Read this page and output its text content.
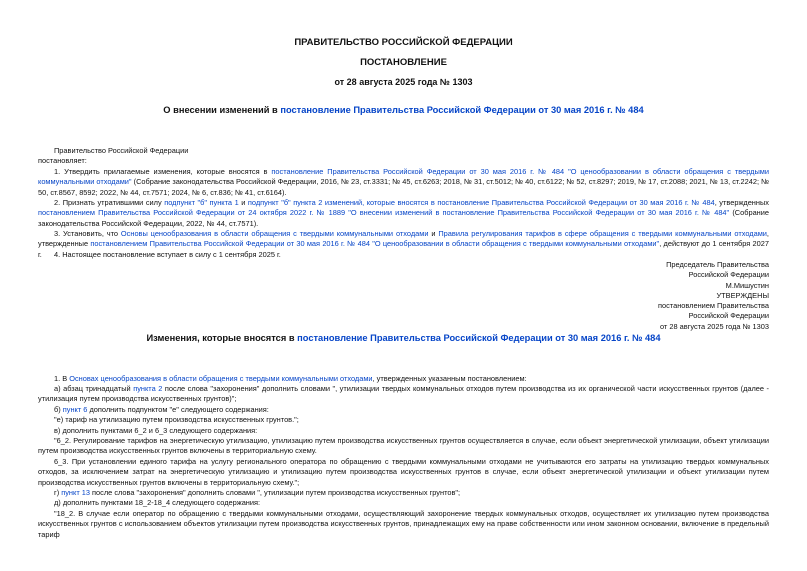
ПРАВИТЕЛЬСТВО РОССИЙСКОЙ ФЕДЕРАЦИИ
ПОСТАНОВЛЕНИЕ
от 28 августа 2025 года № 1303
О внесении изменений в постановление Правительства Российской Федерации от 30 мая 2016 г. № 484
Правительство Российской Федерации
постановляет:
1. Утвердить прилагаемые изменения, которые вносятся в постановление Правительства Российской Федерации от 30 мая 2016 г. № 484 "О ценообразовании в области обращения с твердыми коммунальными отходами" (Собрание законодательства Российской Федерации, 2016, № 23, ст.3331; № 45, ст.6263; 2018, № 31, ст.5012; № 40, ст.6122; № 52, ст.8297; 2019, № 17, ст.2088; 2021, № 13, ст.2242; № 50, ст.8567, 8592; 2022, № 44, ст.7571; 2024, № 6, ст.836; № 41, ст.6164).
2. Признать утратившими силу подпункт "б" пункта 1 и подпункт "б" пункта 2 изменений, которые вносятся в постановление Правительства Российской Федерации от 30 мая 2016 г. № 484, утвержденных постановлением Правительства Российской Федерации от 24 октября 2022 г. № 1889 "О внесении изменений в постановление Правительства Российской Федерации от 30 мая 2016 г. № 484" (Собрание законодательства Российской Федерации, 2022, № 44, ст.7571).
3. Установить, что Основы ценообразования в области обращения с твердыми коммунальными отходами и Правила регулирования тарифов в сфере обращения с твердыми коммунальными отходами, утвержденные постановлением Правительства Российской Федерации от 30 мая 2016 г. № 484 "О ценообразовании в области обращения с твердыми коммунальными отходами", действуют до 1 сентября 2027 г.	4. Настоящее постановление вступает в силу с 1 сентября 2025 г.
Председатель Правительства
Российской Федерации
М.Мишустин
УТВЕРЖДЕНЫ
постановлением Правительства
Российской Федерации
от 28 августа 2025 года № 1303
Изменения, которые вносятся в постановление Правительства Российской Федерации от 30 мая 2016 г. № 484
1. В Основах ценообразования в области обращения с твердыми коммунальными отходами, утвержденных указанным постановлением:
а) абзац тринадцатый пункта 2 после слова "захоронения" дополнить словами ", утилизации твердых коммунальных отходов путем производства из их органической части искусственных грунтов (далее - утилизация путем производства искусственных грунтов)";
б) пункт 6 дополнить подпунктом "е" следующего содержания:
"е) тариф на утилизацию путем производства искусственных грунтов.";
в) дополнить пунктами 6_2 и 6_3 следующего содержания:
"6_2. Регулирование тарифов на энергетическую утилизацию, утилизацию путем производства искусственных грунтов осуществляется в случае, если объект энергетической утилизации, объект утилизации путем производства искусственных грунтов включены в территориальную схему.
6_3. При установлении единого тарифа на услугу регионального оператора по обращению с твердыми коммунальными отходами не учитываются его затраты на утилизацию твердых коммунальных отходов, за исключением затрат на энергетическую утилизацию и утилизацию путем производства искусственных грунтов в случае, если объект энергетической утилизации и объект утилизации путем производства искусственных грунтов включены в территориальную схему.";
г) пункт 13 после слова "захоронения" дополнить словами ", утилизации путем производства искусственных грунтов";
д) дополнить пунктами 18_2-18_4 следующего содержания:
"18_2. В случае если оператор по обращению с твердыми коммунальными отходами, осуществляющий захоронение твердых коммунальных отходов, осуществляет их утилизацию путем производства искусственных грунтов с использованием объектов утилизации путем производства искусственных грунтов, принадлежащих ему на праве собственности или ином законном основании, включение в предельный тариф
